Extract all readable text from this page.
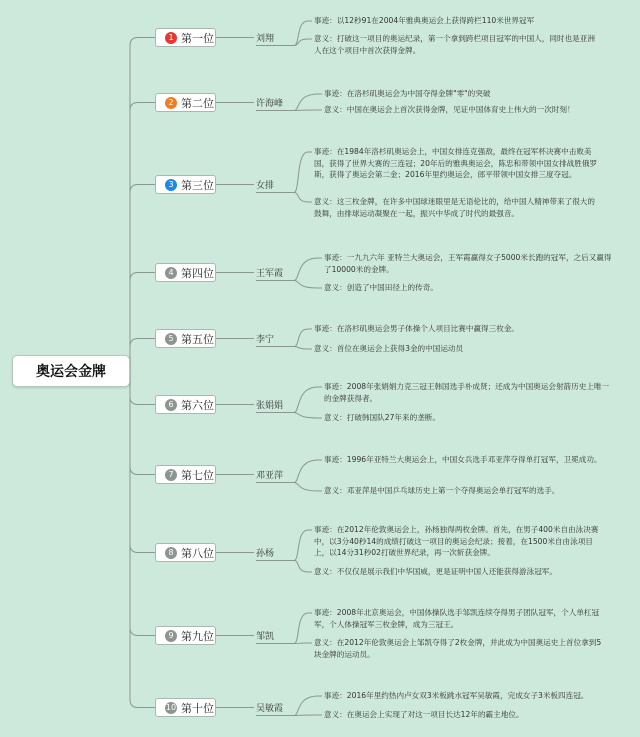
奥运会金牌
1 第一位	刘翔
事迹：以12秒91在2004年雅典奥运会上获得跨栏110米世界冠军
意义：打破这一项目的奥运纪录，第一个拿到跨栏项目冠军的中国人，同时也是亚洲人在这个项目中首次获得金牌。
2 第二位	许海峰
事迹：在洛杉矶奥运会为中国夺得金牌"零"的突破
意义：中国在奥运会上首次获得金牌，见证中国体育史上伟大的一次时刻！
3 第三位	女排
事迹：在1984年洛杉矶奥运会上，中国女排连克强敌，最终在冠军杯决赛中击败美国，获得了世界大赛的三连冠；20年后的雅典奥运会，陈忠和带领中国女排战胜俄罗斯，获得了奥运会第二金；2016年里约奥运会，郎平带领中国女排三度夺冠。
意义：这三枚金牌，在许多中国球迷眼里是无语伦比的，给中国人精神带来了很大的鼓舞，由排球运动凝聚在一起，振兴中华成了时代的最强音。
4 第四位	王军霞
事迹：一九九六年 亚特兰大奥运会，王军霞赢得女子5000米长跑的冠军，之后又赢得了10000米的金牌。
意义：创造了中国田径上的传奇。
5 第五位	李宁
事迹：在洛杉矶奥运会男子体操个人项目比赛中赢得三枚金。
意义：首位在奥运会上获得3金的中国运动员
6 第六位	张娟娟
事迹：2008年张娟娟力克三冠王韩国选手朴成贤；还成为中国奥运会射箭历史上唯一的金牌获得者。
意义：打破韩国队27年来的垄断。
7 第七位	邓亚萍
事迹：1996年亚特兰大奥运会上，中国女兵选手邓亚萍夺得单打冠军，卫冕成功。
意义：邓亚萍是中国乒乓球历史上第一个夺得奥运会单打冠军的选手。
8 第八位	孙杨
事迹：在2012年伦敦奥运会上，孙杨独得两枚金牌。首先，在男子400米自由泳决赛中，以3分40秒14的成绩打破这一项目的奥运会纪录；接着，在1500米自由泳项目上，以14分31秒02打破世界纪录，再一次斩获金牌。
意义：不仅仅是展示我们中华国威，更是证明中国人还能获得游泳冠军。
9 第九位	邹凯
事迹：2008年北京奥运会，中国体操队选手邹凯连续夺得男子团队冠军，个人单杠冠军，个人体操冠军三枚金牌，成为三冠王。
意义：在2012年伦敦奥运会上邹凯夺得了2枚金牌，并此成为中国奥运史上首位拿到5块金牌的运动员。
10 第十位	吴敏霞
事迹：2016年里约热内卢女双3米板跳水冠军吴敏霞，完成女子3米板四连冠。
意义：在奥运会上实现了对这一项目长达12年的霸主地位。
